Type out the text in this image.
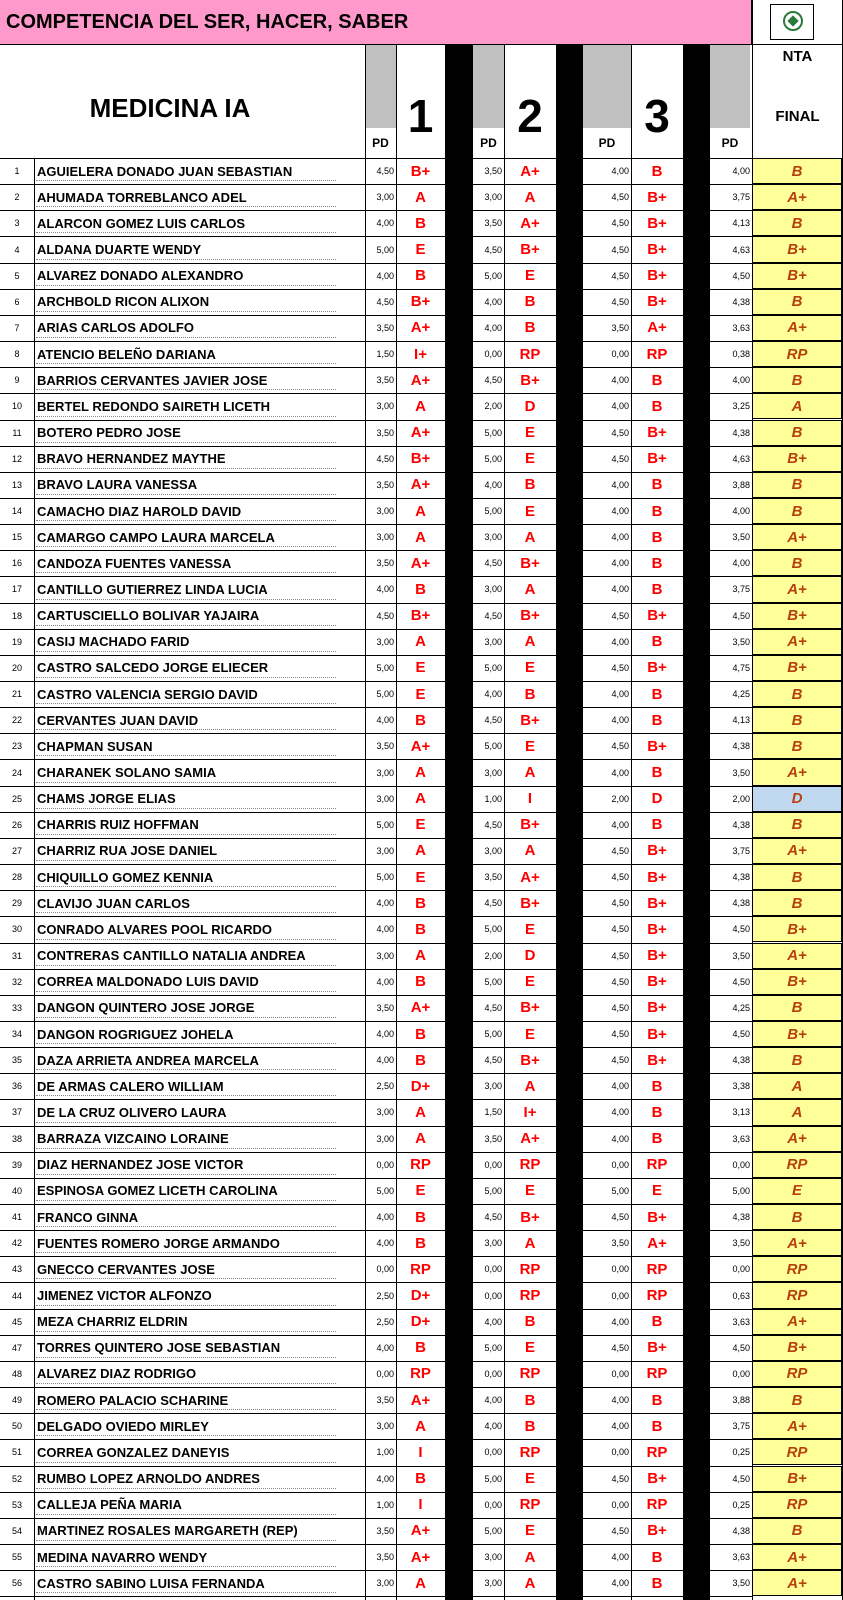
COMPETENCIA DEL SER, HACER, SABER
MEDICINA IA
PD	PD	PD	PD
1 2 3
NTA
FINAL
1	AGUIELERA DONADO JUAN SEBASTIAN	4,50	B+	3,50	A+	4,00	B	4,00	B
2	AHUMADA TORREBLANCO ADEL	3,00	A	3,00	A	4,50	B+	3,75	A+
3	ALARCON GOMEZ LUIS CARLOS	4,00	B	3,50	A+	4,50	B+	4,13	B
4	ALDANA DUARTE WENDY	5,00	E	4,50	B+	4,50	B+	4,63	B+
5	ALVAREZ DONADO ALEXANDRO	4,00	B	5,00	E	4,50	B+	4,50	B+
6	ARCHBOLD RICON ALIXON	4,50	B+	4,00	B	4,50	B+	4,38	B
7	ARIAS CARLOS ADOLFO	3,50	A+	4,00	B	3,50	A+	3,63	A+
8	ATENCIO BELEÑO DARIANA	1,50	I+	0,00	RP	0,00	RP	0,38	RP
9	BARRIOS CERVANTES JAVIER JOSE	3,50	A+	4,50	B+	4,00	B	4,00	B
10	BERTEL REDONDO SAIRETH LICETH	3,00	A	2,00	D	4,00	B	3,25	A
11	BOTERO PEDRO JOSE	3,50	A+	5,00	E	4,50	B+	4,38	B
12	BRAVO HERNANDEZ MAYTHE	4,50	B+	5,00	E	4,50	B+	4,63	B+
13	BRAVO LAURA VANESSA	3,50	A+	4,00	B	4,00	B	3,88	B
14	CAMACHO DIAZ HAROLD DAVID	3,00	A	5,00	E	4,00	B	4,00	B
15	CAMARGO CAMPO LAURA MARCELA	3,00	A	3,00	A	4,00	B	3,50	A+
16	CANDOZA FUENTES VANESSA	3,50	A+	4,50	B+	4,00	B	4,00	B
17	CANTILLO GUTIERREZ LINDA LUCIA	4,00	B	3,00	A	4,00	B	3,75	A+
18	CARTUSCIELLO BOLIVAR YAJAIRA	4,50	B+	4,50	B+	4,50	B+	4,50	B+
19	CASIJ MACHADO FARID	3,00	A	3,00	A	4,00	B	3,50	A+
20	CASTRO SALCEDO JORGE ELIECER	5,00	E	5,00	E	4,50	B+	4,75	B+
21	CASTRO VALENCIA SERGIO DAVID	5,00	E	4,00	B	4,00	B	4,25	B
22	CERVANTES JUAN DAVID	4,00	B	4,50	B+	4,00	B	4,13	B
23	CHAPMAN SUSAN	3,50	A+	5,00	E	4,50	B+	4,38	B
24	CHARANEK SOLANO SAMIA	3,00	A	3,00	A	4,00	B	3,50	A+
25	CHAMS JORGE ELIAS	3,00	A	1,00	I	2,00	D	2,00	D
26	CHARRIS RUIZ HOFFMAN	5,00	E	4,50	B+	4,00	B	4,38	B
27	CHARRIZ RUA JOSE DANIEL	3,00	A	3,00	A	4,50	B+	3,75	A+
28	CHIQUILLO GOMEZ KENNIA	5,00	E	3,50	A+	4,50	B+	4,38	B
29	CLAVIJO JUAN CARLOS	4,00	B	4,50	B+	4,50	B+	4,38	B
30	CONRADO ALVARES POOL RICARDO	4,00	B	5,00	E	4,50	B+	4,50	B+
31	CONTRERAS CANTILLO NATALIA ANDREA	3,00	A	2,00	D	4,50	B+	3,50	A+
32	CORREA MALDONADO LUIS DAVID	4,00	B	5,00	E	4,50	B+	4,50	B+
33	DANGON QUINTERO JOSE JORGE	3,50	A+	4,50	B+	4,50	B+	4,25	B
34	DANGON ROGRIGUEZ JOHELA	4,00	B	5,00	E	4,50	B+	4,50	B+
35	DAZA ARRIETA ANDREA MARCELA	4,00	B	4,50	B+	4,50	B+	4,38	B
36	DE ARMAS CALERO WILLIAM	2,50	D+	3,00	A	4,00	B	3,38	A
37	DE LA CRUZ OLIVERO LAURA	3,00	A	1,50	I+	4,00	B	3,13	A
38	BARRAZA VIZCAINO LORAINE	3,00	A	3,50	A+	4,00	B	3,63	A+
39	DIAZ HERNANDEZ JOSE VICTOR	0,00	RP	0,00	RP	0,00	RP	0,00	RP
40	ESPINOSA GOMEZ LICETH CAROLINA	5,00	E	5,00	E	5,00	E	5,00	E
41	FRANCO GINNA	4,00	B	4,50	B+	4,50	B+	4,38	B
42	FUENTES ROMERO JORGE ARMANDO	4,00	B	3,00	A	3,50	A+	3,50	A+
43	GNECCO CERVANTES JOSE	0,00	RP	0,00	RP	0,00	RP	0,00	RP
44	JIMENEZ VICTOR ALFONZO	2,50	D+	0,00	RP	0,00	RP	0,63	RP
45	MEZA CHARRIZ ELDRIN	2,50	D+	4,00	B	4,00	B	3,63	A+
47	TORRES QUINTERO JOSE SEBASTIAN	4,00	B	5,00	E	4,50	B+	4,50	B+
48	ALVAREZ DIAZ RODRIGO	0,00	RP	0,00	RP	0,00	RP	0,00	RP
49	ROMERO PALACIO SCHARINE	3,50	A+	4,00	B	4,00	B	3,88	B
50	DELGADO OVIEDO MIRLEY	3,00	A	4,00	B	4,00	B	3,75	A+
51	CORREA GONZALEZ DANEYIS	1,00	I	0,00	RP	0,00	RP	0,25	RP
52	RUMBO LOPEZ ARNOLDO ANDRES	4,00	B	5,00	E	4,50	B+	4,50	B+
53	CALLEJA PEÑA MARIA	1,00	I	0,00	RP	0,00	RP	0,25	RP
54	MARTINEZ ROSALES MARGARETH (REP)	3,50	A+	5,00	E	4,50	B+	4,38	B
55	MEDINA NAVARRO WENDY	3,50	A+	3,00	A	4,00	B	3,63	A+
56	CASTRO SABINO LUISA FERNANDA	3,00	A	3,00	A	4,00	B	3,50	A+
